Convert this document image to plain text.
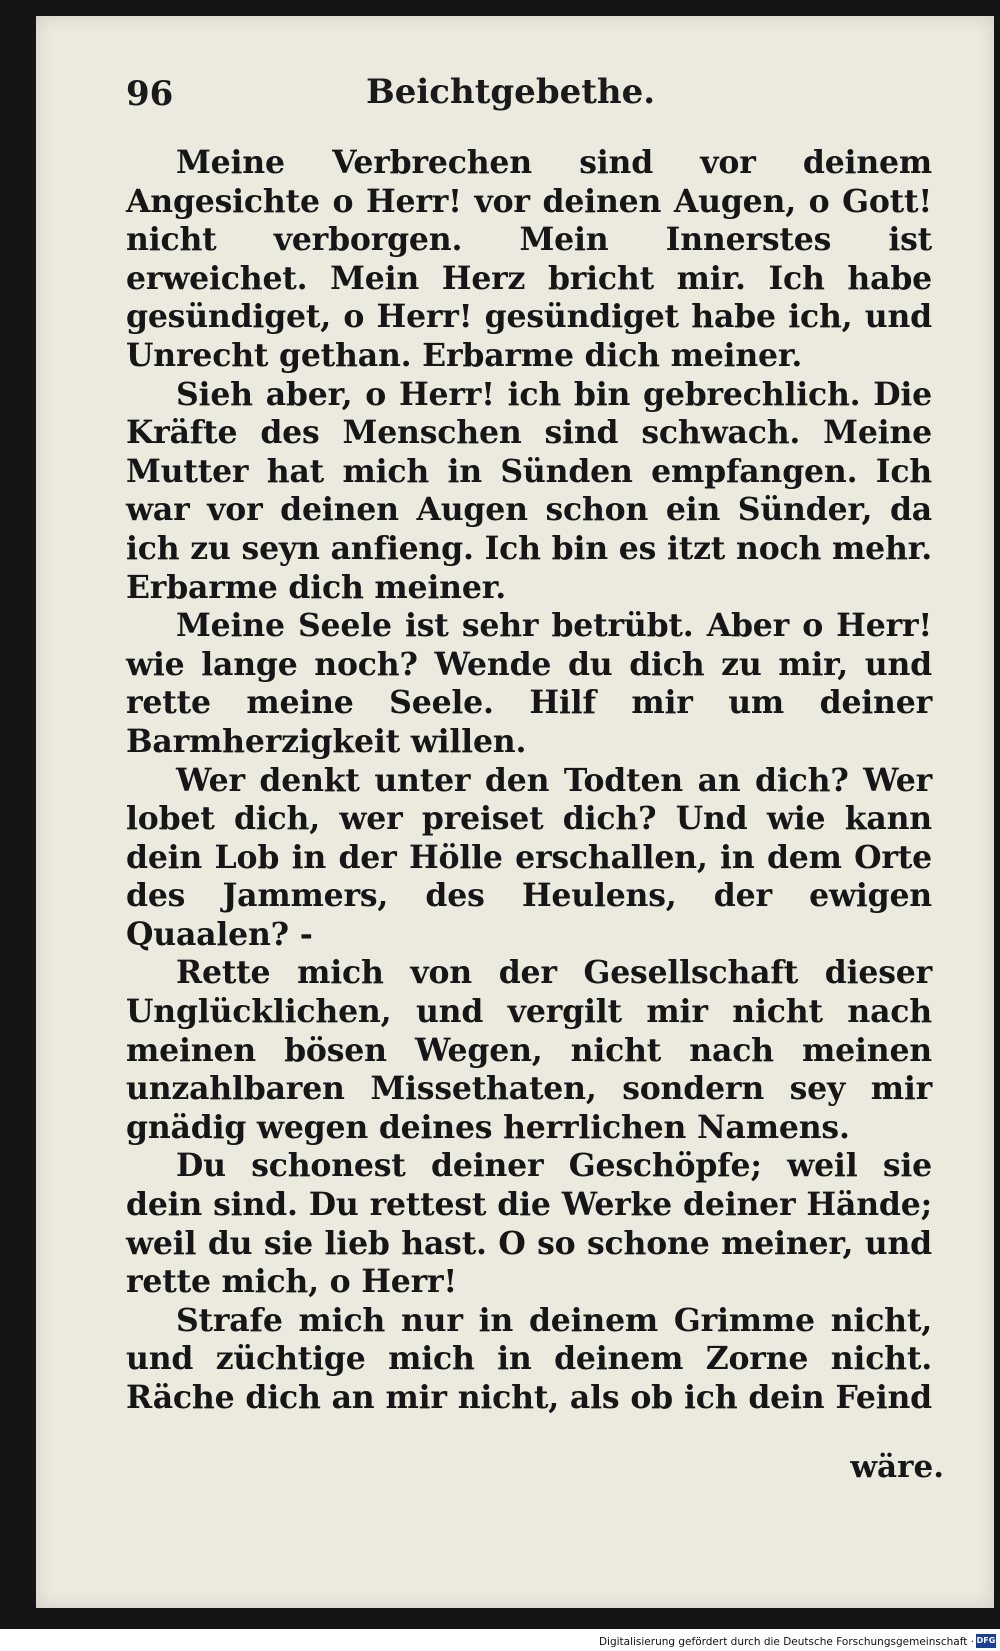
96	Beichtgebethe.

Meine Verbrechen sind vor deinem Angesichte o Herr! vor deinen Augen, o Gott! nicht verborgen. Mein Innerstes ist erweichet. Mein Herz bricht mir. Ich habe gesündiget, o Herr! gesündiget habe ich, und Unrecht gethan. Erbarme dich meiner.

Sieh aber, o Herr! ich bin gebrechlich. Die Kräfte des Menschen sind schwach. Meine Mutter hat mich in Sünden empfangen. Ich war vor deinen Augen schon ein Sünder, da ich zu seyn anfieng. Ich bin es itzt noch mehr. Erbarme dich meiner.

Meine Seele ist sehr betrübt. Aber o Herr! wie lange noch? Wende du dich zu mir, und rette meine Seele. Hilf mir um deiner Barmherzigkeit willen.

Wer denkt unter den Todten an dich? Wer lobet dich, wer preiset dich? Und wie kann dein Lob in der Hölle erschallen, in dem Orte des Jammers, des Heulens, der ewigen Quaalen? -

Rette mich von der Gesellschaft dieser Unglücklichen, und vergilt mir nicht nach meinen bösen Wegen, nicht nach meinen unzahlbaren Missethaten, sondern sey mir gnädig wegen deines herrlichen Namens.

Du schonest deiner Geschöpfe; weil sie dein sind. Du rettest die Werke deiner Hände; weil du sie lieb hast. O so schone meiner, und rette mich, o Herr!

Strafe mich nur in deinem Grimme nicht, und züchtige mich in deinem Zorne nicht. Räche dich an mir nicht, als ob ich dein Feind

wäre.
Digitalisierung gefördert durch die Deutsche Forschungsgemeinschaft · DFG
